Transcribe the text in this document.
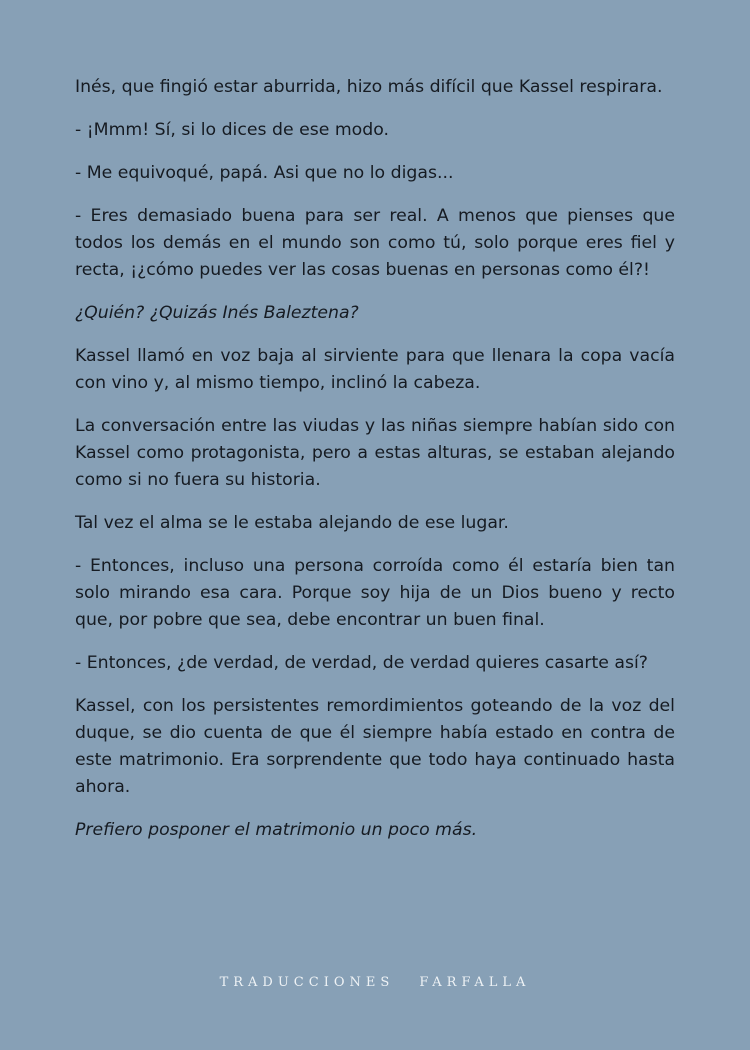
Inés, que fingió estar aburrida, hizo más difícil que Kassel respirara.

- ¡Mmm! Sí, si lo dices de ese modo.

- Me equivoqué, papá. Asi que no lo digas...

- Eres demasiado buena para ser real. A menos que pienses que todos los demás en el mundo son como tú, solo porque eres fiel y recta, ¡¿cómo puedes ver las cosas buenas en personas como él?!

¿Quién? ¿Quizás Inés Baleztena?

Kassel llamó en voz baja al sirviente para que llenara la copa vacía con vino y, al mismo tiempo, inclinó la cabeza.

La conversación entre las viudas y las niñas siempre habían sido con Kassel como protagonista, pero a estas alturas, se estaban alejando como si no fuera su historia.

Tal vez el alma se le estaba alejando de ese lugar.

- Entonces, incluso una persona corroída como él estaría bien tan solo mirando esa cara. Porque soy hija de un Dios bueno y recto que, por pobre que sea, debe encontrar un buen final.

- Entonces, ¿de verdad, de verdad, de verdad quieres casarte así?

Kassel, con los persistentes remordimientos goteando de la voz del duque, se dio cuenta de que él siempre había estado en contra de este matrimonio. Era sorprendente que todo haya continuado hasta ahora.

Prefiero posponer el matrimonio un poco más.

TRADUCCIONES FARFALLA
